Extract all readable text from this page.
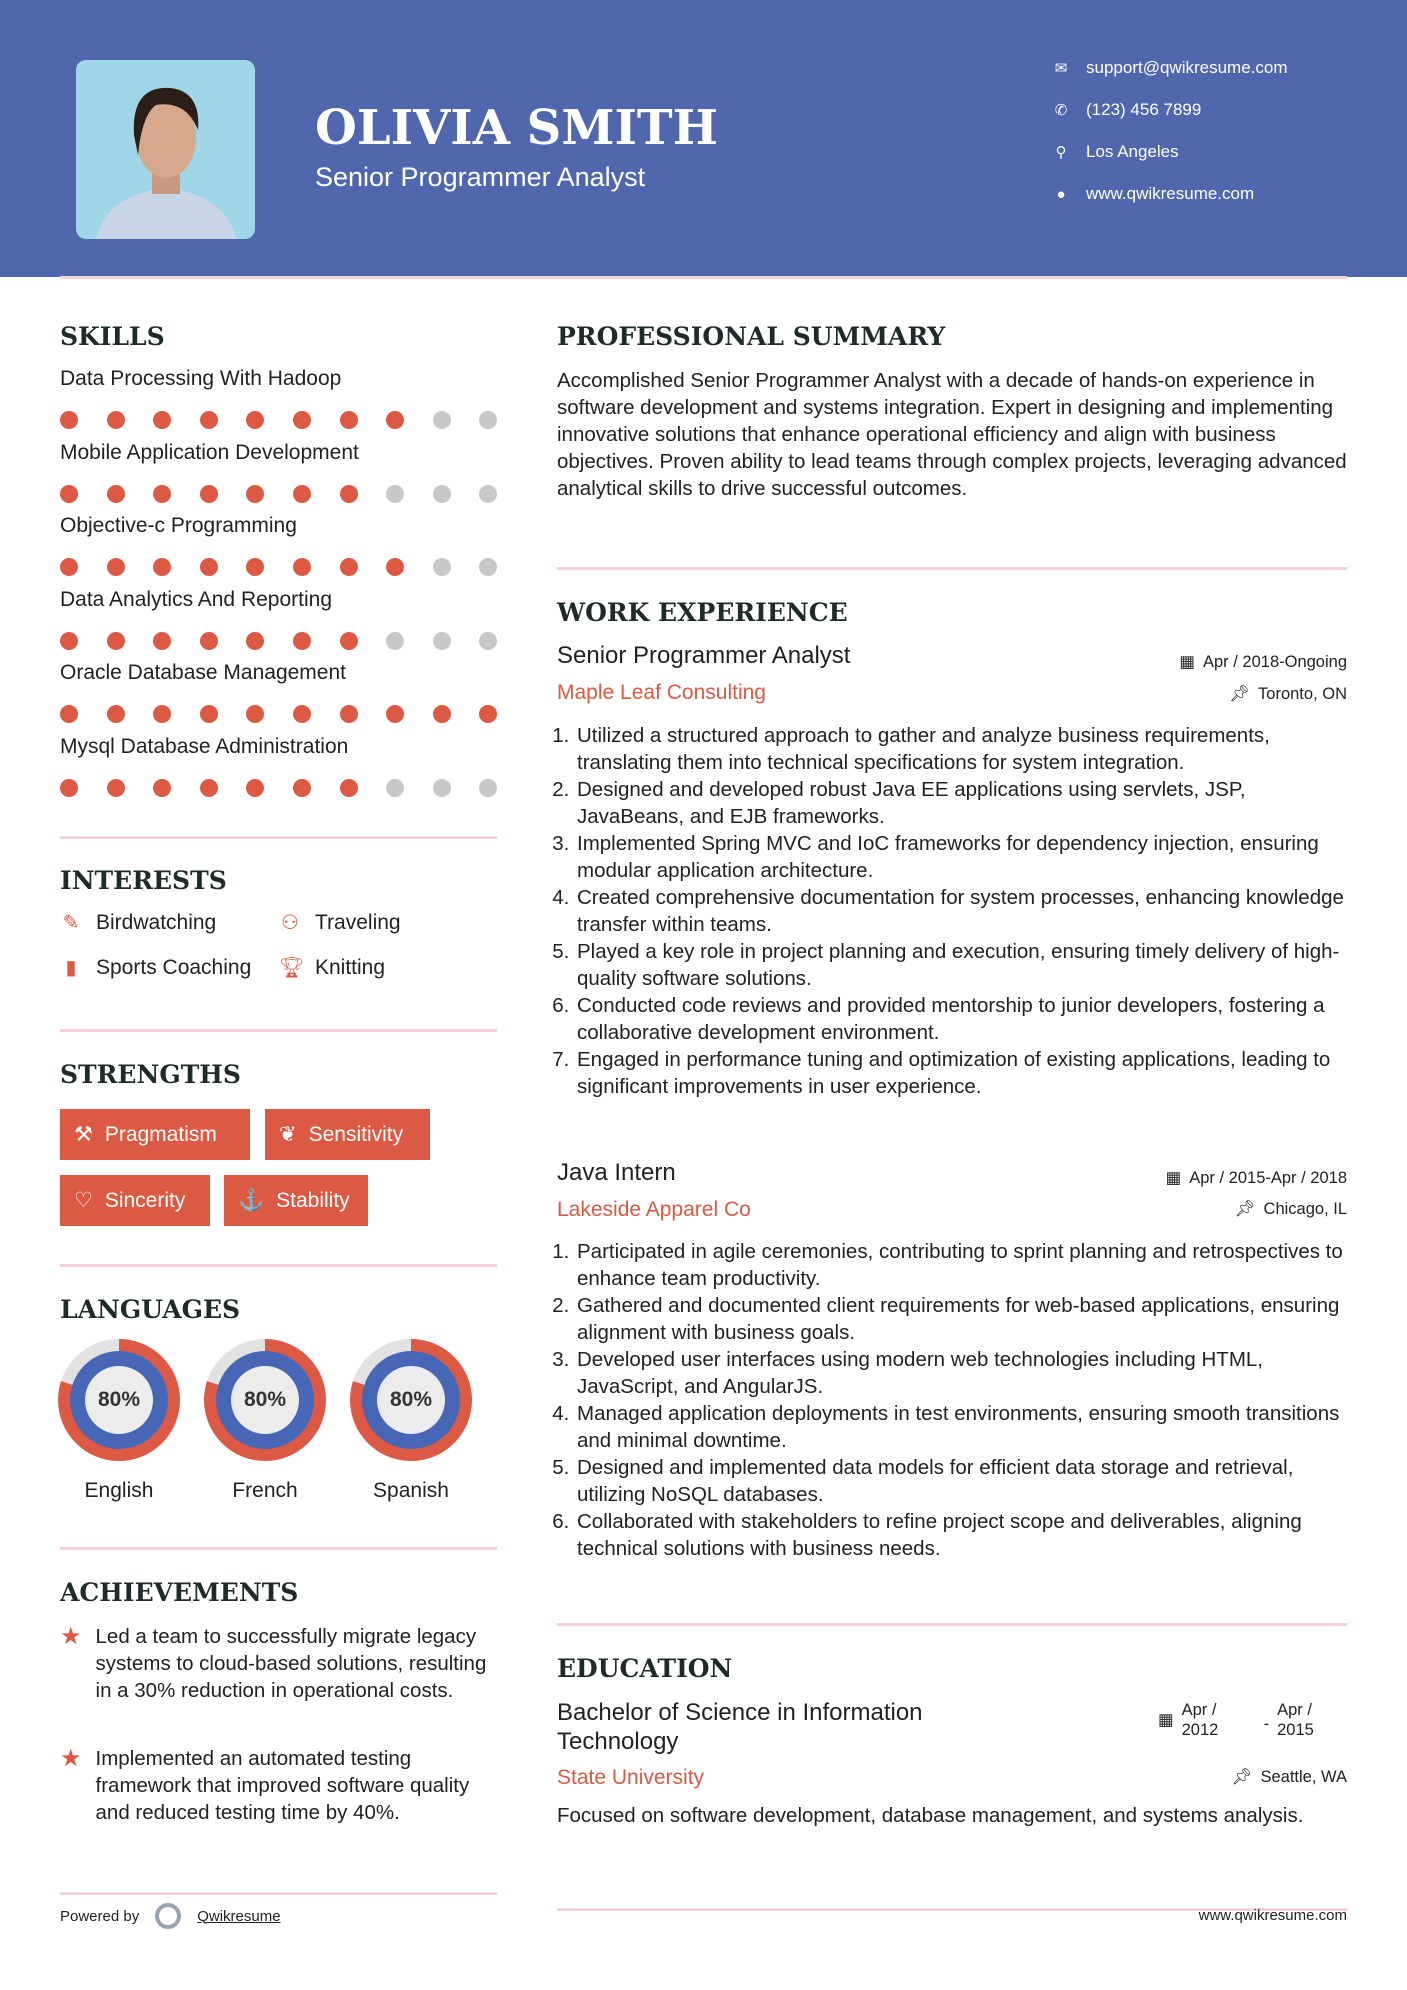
OLIVIA SMITH
Senior Programmer Analyst
✉ support@qwikresume.com
✆ (123) 456 7899
⚲ Los Angeles
● www.qwikresume.com
SKILLS
Data Processing With Hadoop
Mobile Application Development
Objective-c Programming
Data Analytics And Reporting
Oracle Database Management
Mysql Database Administration
INTERESTS
✎ Birdwatching	⚇ Traveling
▮ Sports Coaching 🏆︎ Knitting
STRENGTHS
⚒ Pragmatism	❦ Sensitivity
♡ Sincerity	⚓ Stability
LANGUAGES
80%
English
80%
French
80%
Spanish
ACHIEVEMENTS
★ Led a team to successfully migrate legacy systems to cloud-based solutions, resulting in a 30% reduction in operational costs.
★ Implemented an automated testing framework that improved software quality and reduced testing time by 40%.
Powered by	Qwikresume
PROFESSIONAL SUMMARY
Accomplished Senior Programmer Analyst with a decade of hands-on experience in software development and systems integration. Expert in designing and implementing innovative solutions that enhance operational efficiency and align with business objectives. Proven ability to lead teams through complex projects, leveraging advanced analytical skills to drive successful outcomes.
WORK EXPERIENCE
Senior Programmer Analyst	▦ Apr / 2018-Ongoing
Maple Leaf Consulting	📌︎ Toronto, ON
1. Utilized a structured approach to gather and analyze business requirements, translating them into technical specifications for system integration.
2. Designed and developed robust Java EE applications using servlets, JSP, JavaBeans, and EJB frameworks.
3. Implemented Spring MVC and IoC frameworks for dependency injection, ensuring modular application architecture.
4. Created comprehensive documentation for system processes, enhancing knowledge transfer within teams.
5. Played a key role in project planning and execution, ensuring timely delivery of high-quality software solutions.
6. Conducted code reviews and provided mentorship to junior developers, fostering a collaborative development environment.
7. Engaged in performance tuning and optimization of existing applications, leading to significant improvements in user experience.
Java Intern	▦ Apr / 2015-Apr / 2018
Lakeside Apparel Co	📌︎ Chicago, IL
1. Participated in agile ceremonies, contributing to sprint planning and retrospectives to enhance team productivity.
2. Gathered and documented client requirements for web-based applications, ensuring alignment with business goals.
3. Developed user interfaces using modern web technologies including HTML, JavaScript, and AngularJS.
4. Managed application deployments in test environments, ensuring smooth transitions and minimal downtime.
5. Designed and implemented data models for efficient data storage and retrieval, utilizing NoSQL databases.
6. Collaborated with stakeholders to refine project scope and deliverables, aligning technical solutions with business needs.
EDUCATION
Bachelor of Science in Information Technology
▦
Apr / 2012	-
Apr / 2015
State University	📌︎ Seattle, WA
Focused on software development, database management, and systems analysis.
www.qwikresume.com
